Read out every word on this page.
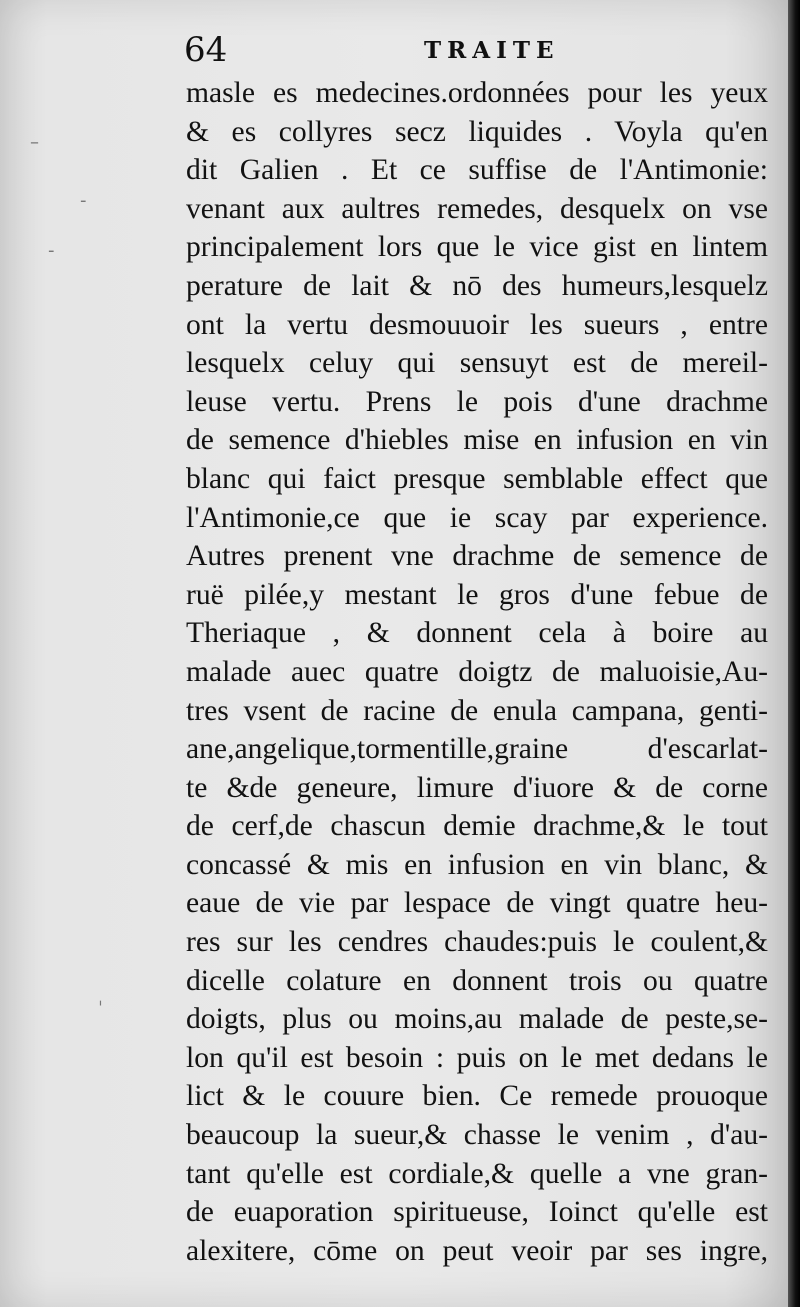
64	TRAITE
–
-
-
ˈ
masle es medecines.ordonnées pour les yeux
& es collyres secz liquides . Voyla qu'en
dit Galien . Et ce suffise de l'Antimonie:
venant aux aultres remedes, desquelx on vse
principalement lors que le vice gist en lintem
perature de lait & nō des humeurs,lesquelz
ont la vertu desmouuoir les sueurs , entre
lesquelx celuy qui sensuyt est de mereil-
leuse vertu. Prens le pois d'une drachme
de semence d'hiebles mise en infusion en vin
blanc qui faict presque semblable effect que
l'Antimonie,ce que ie scay par experience.
Autres prenent vne drachme de semence de
ruë pilée,y mestant le gros d'une febue de
Theriaque , & donnent cela à boire au
malade auec quatre doigtz de maluoisie,Au-
tres vsent de racine de enula campana, genti-
ane,angelique,tormentille,graine d'escarlat-
te &de geneure, limure d'iuore & de corne
de cerf,de chascun demie drachme,& le tout
concassé & mis en infusion en vin blanc, &
eaue de vie par lespace de vingt quatre heu-
res sur les cendres chaudes:puis le coulent,&
dicelle colature en donnent trois ou quatre
doigts, plus ou moins,au malade de peste,se-
lon qu'il est besoin : puis on le met dedans le
lict & le couure bien. Ce remede prouoque
beaucoup la sueur,& chasse le venim , d'au-
tant qu'elle est cordiale,& quelle a vne gran-
de euaporation spiritueuse, Ioinct qu'elle est
alexitere, cōme on peut veoir par ses ingre,
